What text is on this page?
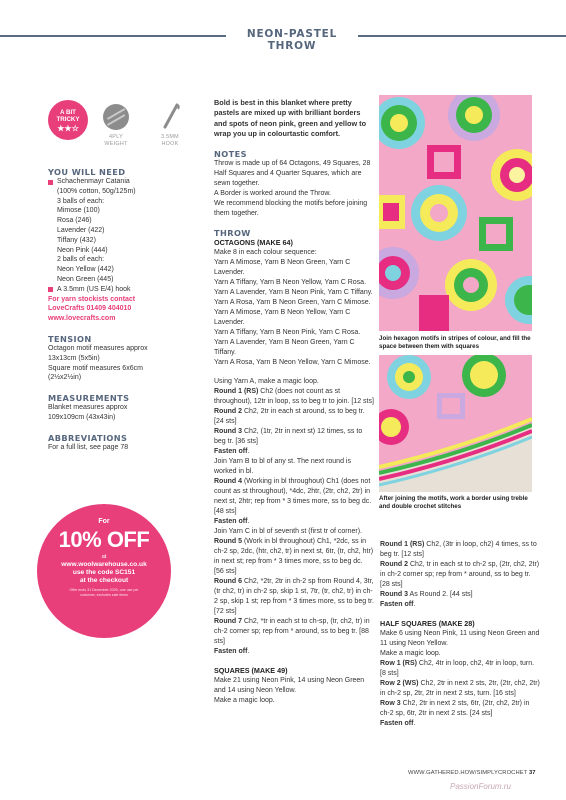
NEON-PASTEL THROW
A BIT
TRICKY
★★☆
4PLY
WEIGHT
3.5MM
HOOK
YOU WILL NEED
Schachenmayr Catania
(100% cotton, 50g/125m)
3 balls of each:
Mimose (100)
Rosa (246)
Lavender (422)
Tiffany (432)
Neon Pink (444)
2 balls of each:
Neon Yellow (442)
Neon Green (445)
A 3.5mm (US E/4) hook
For yarn stockists contact
LoveCrafts 01409 404010
www.lovecrafts.com
TENSION
Octagon motif measures approx
13x13cm (5x5in)
Square motif measures 6x6cm
(2½x2½in)
MEASUREMENTS
Blanket measures approx
109x109cm (43x43in)
ABBREVIATIONS
For a full list, see page 78
For
10% OFF
at
www.woolwarehouse.co.uk
use the code SC151
at the checkout
Offer ends 31 December 2025, one use per customer, excludes sale items

Bold is best in this blanket where pretty pastels are mixed up with brilliant borders and spots of neon pink, green and yellow to wrap you up in colourtastic comfort.

NOTES

Throw is made up of 64 Octagons, 49 Squares, 28 Half Squares and 4 Quarter Squares, which are sewn together.

A Border is worked around the Throw.

We recommend blocking the motifs before joining them together.

THROW
OCTAGONS (MAKE 64)

Make 8 in each colour sequence:

Yarn A Mimose, Yarn B Neon Green, Yarn C Lavender.

Yarn A Tiffany, Yarn B Neon Yellow, Yarn C Rosa.

Yarn A Lavender, Yarn B Neon Pink, Yarn C Tiffany.

Yarn A Rosa, Yarn B Neon Green, Yarn C Mimose.

Yarn A Mimose, Yarn B Neon Yellow, Yarn C Lavender.

Yarn A Tiffany, Yarn B Neon Pink, Yarn C Rosa.

Yarn A Lavender, Yarn B Neon Green, Yarn C Tiffany.

Yarn A Rosa, Yarn B Neon Yellow, Yarn C Mimose.

Using Yarn A, make a magic loop.

Round 1 (RS) Ch2 (does not count as st throughout), 12tr in loop, ss to beg tr to join. [12 sts]

Round 2 Ch2, 2tr in each st around, ss to beg tr. [24 sts]

Round 3 Ch2, (1tr, 2tr in next st) 12 times, ss to beg tr. [36 sts]

Fasten off.

Join Yarn B to bl of any st. The next round is worked in bl.

Round 4 (Working in bl throughout) Ch1 (does not count as st throughout), *4dc, 2htr, (2tr, ch2, 2tr) in next st, 2htr; rep from * 3 times more, ss to beg dc. [48 sts]

Fasten off.

Join Yarn C in bl of seventh st (first tr of corner).

Round 5 (Work in bl throughout) Ch1, *2dc, ss in ch-2 sp, 2dc, (htr, ch2, tr) in next st, 6tr, (tr, ch2, htr) in next st; rep from * 3 times more, ss to beg dc. [56 sts]

Round 6 Ch2, *2tr, 2tr in ch-2 sp from Round 4, 3tr, (tr ch2, tr) in ch-2 sp, skip 1 st, 7tr, (tr, ch2, tr) in ch-2 sp, skip 1 st; rep from * 3 times more, ss to beg tr. [72 sts]

Round 7 Ch2, *tr in each st to ch-sp, (tr, ch2, tr) in ch-2 corner sp; rep from * around, ss to beg tr. [88 sts]

Fasten off.

SQUARES (MAKE 49)

Make 21 using Neon Pink, 14 using Neon Green and 14 using Neon Yellow.

Make a magic loop.

Join hexagon motifs in stripes of colour, and fill the space between them with squares
After joining the motifs, work a border using treble and double crochet stitches

Round 1 (RS) Ch2, (3tr in loop, ch2) 4 times, ss to beg tr. [12 sts]

Round 2 Ch2, tr in each st to ch-2 sp, (2tr, ch2, 2tr) in ch-2 corner sp; rep from * around, ss to beg tr. [28 sts]

Round 3 As Round 2. [44 sts]

Fasten off.

HALF SQUARES (MAKE 28)

Make 6 using Neon Pink, 11 using Neon Green and 11 using Neon Yellow.

Make a magic loop.

Row 1 (RS) Ch2, 4tr in loop, ch2, 4tr in loop, turn. [8 sts]

Row 2 (WS) Ch2, 2tr in next 2 sts, 2tr, (2tr, ch2, 2tr) in ch-2 sp, 2tr, 2tr in next 2 sts, turn. [16 sts]

Row 3 Ch2, 2tr in next 2 sts, 6tr, (2tr, ch2, 2tr) in ch-2 sp, 6tr, 2tr in next 2 sts. [24 sts]

Fasten off.

WWW.GATHERED.HOW/SIMPLYCROCHET 37
PassionForum.ru
